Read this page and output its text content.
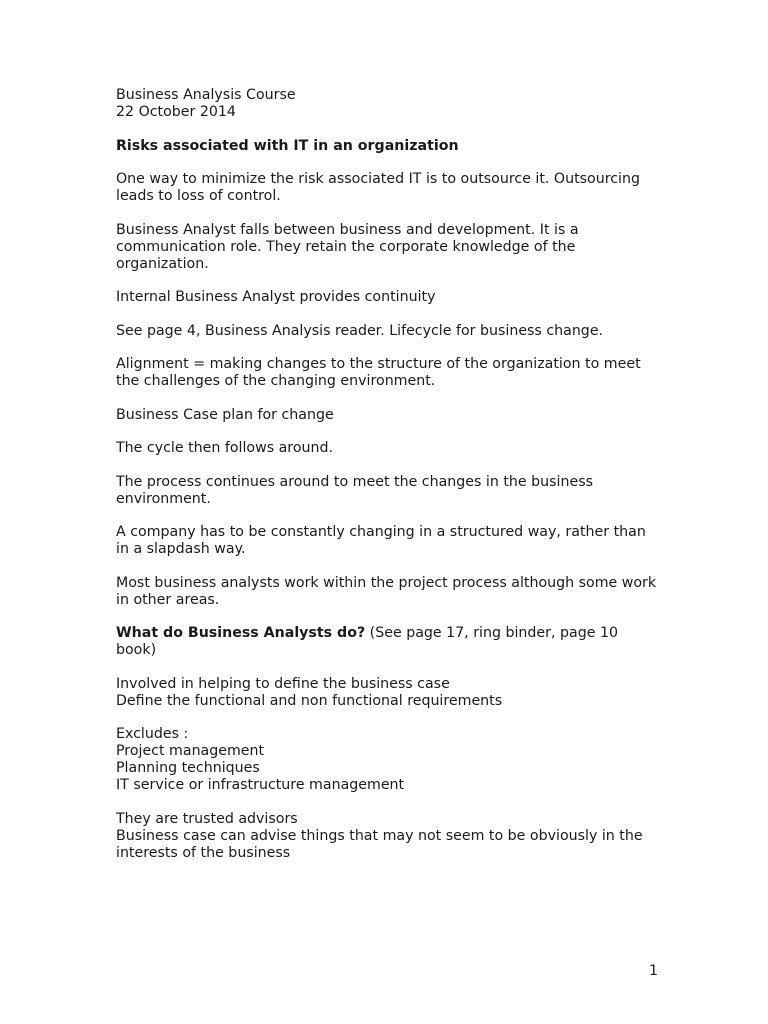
Business Analysis Course
22 October 2014

Risks associated with IT in an organization

One way to minimize the risk associated IT is to outsource it. Outsourcing leads to loss of control.

Business Analyst falls between business and development. It is a communication role. They retain the corporate knowledge of the organization.

Internal Business Analyst provides continuity

See page 4, Business Analysis reader. Lifecycle for business change.

Alignment = making changes to the structure of the organization to meet the challenges of the changing environment.

Business Case plan for change

The cycle then follows around.

The process continues around to meet the changes in the business environment.

A company has to be constantly changing in a structured way, rather than in a slapdash way.

Most business analysts work within the project process although some work in other areas.

What do Business Analysts do? (See page 17, ring binder, page 10 book)

Involved in helping to define the business case
Define the functional and non functional requirements

Excludes :
Project management
Planning techniques
IT service or infrastructure management

They are trusted advisors
Business case can advise things that may not seem to be obviously in the interests of the business

1
